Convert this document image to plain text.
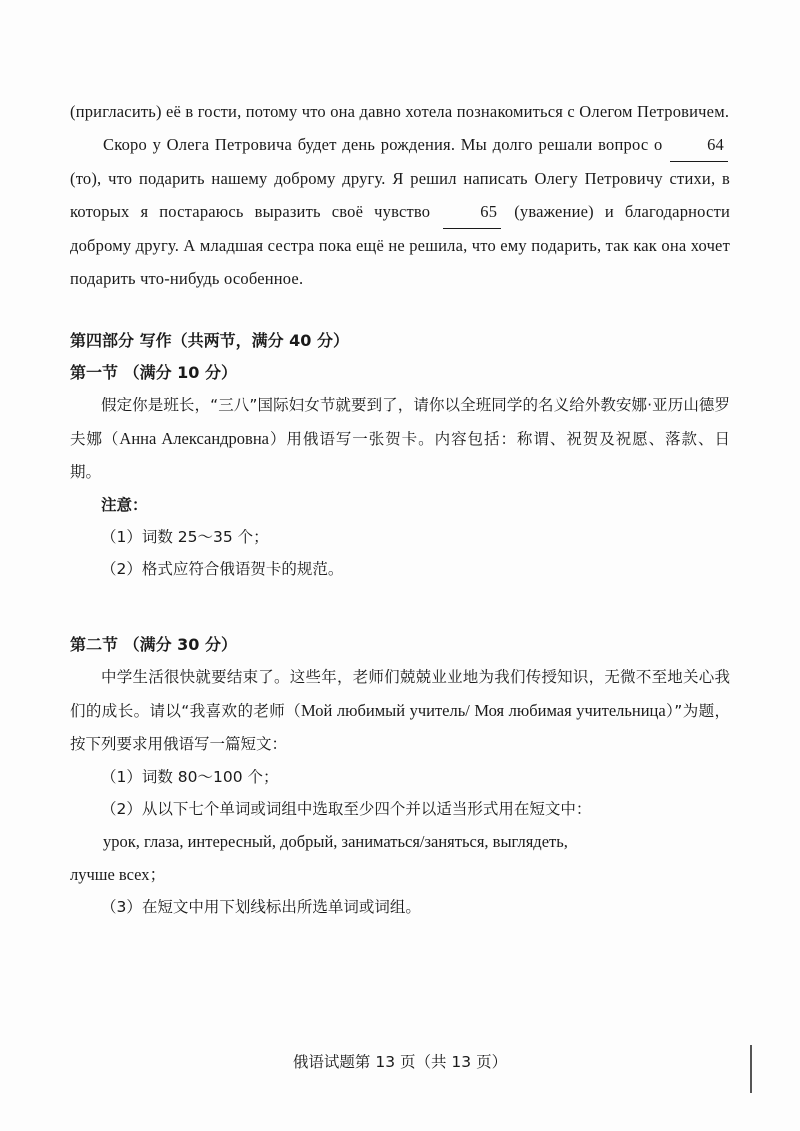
(пригласить) её в гости, потому что она давно хотела познакомиться с Олегом Петровичем.

Скоро у Олега Петровича будет день рождения. Мы долго решали вопрос о	64 (то), что подарить нашему доброму другу. Я решил написать Олегу Петровичу стихи, в которых я постараюсь выразить своё чувство	65 (уважение) и благодарности доброму другу. А младшая сестра пока ещё не решила, что ему подарить, так как она хочет подарить что-нибудь особенное.

第四部分 写作（共两节，满分 40 分）
第一节 （满分 10 分）

假定你是班长，“三八”国际妇女节就要到了，请你以全班同学的名义给外教安娜·亚历山德罗夫娜（Анна Александровна）用俄语写一张贺卡。内容包括：称谓、祝贺及祝愿、落款、日期。

注意：
（1）词数 25～35 个；
（2）格式应符合俄语贺卡的规范。
第二节 （满分 30 分）

中学生活很快就要结束了。这些年，老师们兢兢业业地为我们传授知识，无微不至地关心我们的成长。请以“我喜欢的老师（Мой любимый учитель/ Моя любимая учительница）”为题，按下列要求用俄语写一篇短文：

（1）词数 80～100 个；
（2）从以下七个单词或词组中选取至少四个并以适当形式用在短文中：
урок, глаза, интересный, добрый, заниматься/заняться, выглядеть,
лучше всех；
（3）在短文中用下划线标出所选单词或词组。
俄语试题第 13 页（共 13 页）
